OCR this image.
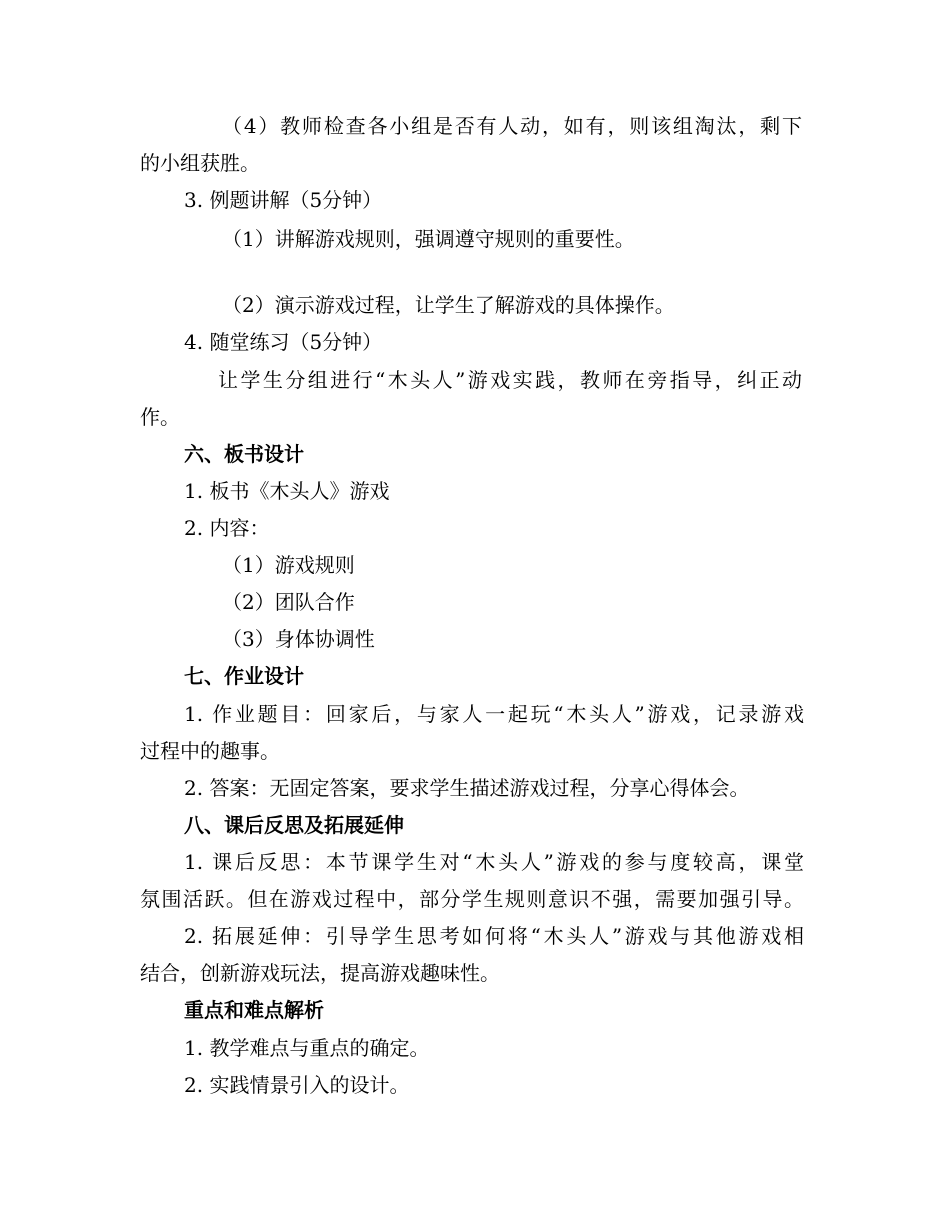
（4）教师检查各小组是否有人动，如有，则该组淘汰，剩下
的小组获胜。
3. 例题讲解（5分钟）
（1）讲解游戏规则，强调遵守规则的重要性。
（2）演示游戏过程，让学生了解游戏的具体操作。
4. 随堂练习（5分钟）
让学生分组进行“木头人”游戏实践，教师在旁指导，纠正动
作。
六、板书设计
1. 板书《木头人》游戏
2. 内容：
（1）游戏规则
（2）团队合作
（3）身体协调性
七、作业设计
1. 作业题目：回家后，与家人一起玩“木头人”游戏，记录游戏
过程中的趣事。
2. 答案：无固定答案，要求学生描述游戏过程，分享心得体会。
八、课后反思及拓展延伸
1. 课后反思：本节课学生对“木头人”游戏的参与度较高，课堂
氛围活跃。但在游戏过程中，部分学生规则意识不强，需要加强引导。
2. 拓展延伸：引导学生思考如何将“木头人”游戏与其他游戏相
结合，创新游戏玩法，提高游戏趣味性。
重点和难点解析
1. 教学难点与重点的确定。
2. 实践情景引入的设计。
